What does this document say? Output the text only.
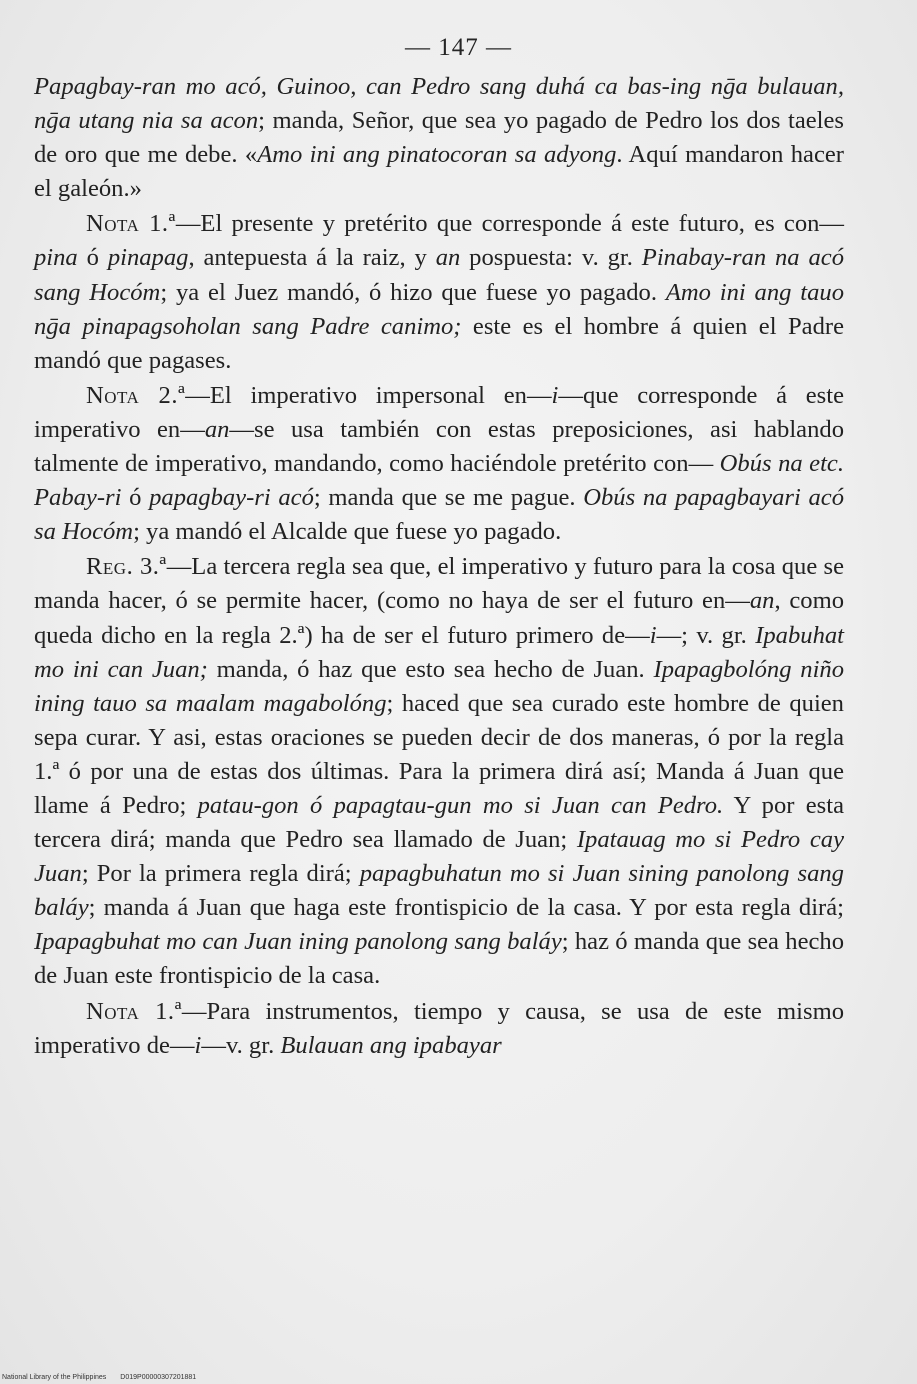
— 147 —

Papagbay-ran mo acó, Guinoo, can Pedro sang duhá ca bas-ing nḡa bulauan, nḡa utang nia sa acon; manda, Señor, que sea yo pagado de Pedro los dos taeles de oro que me debe. «Amo ini ang pinatocoran sa adyong. Aquí mandaron hacer el galeón.»

Nota 1.ª—El presente y pretérito que corresponde á este futuro, es con—pina ó pinapag, antepuesta á la raiz, y an pospuesta: v. gr. Pinabay-ran na acó sang Hocóm; ya el Juez mandó, ó hizo que fuese yo pagado. Amo ini ang tauo nḡa pinapagsoholan sang Padre canimo; este es el hombre á quien el Padre mandó que pagases.

Nota 2.ª—El imperativo impersonal en—i—que corresponde á este imperativo en—an—se usa también con estas preposiciones, asi hablando talmente de imperativo, mandando, como haciéndole pretérito con— Obús na etc. Pabay-ri ó papagbay-ri acó; manda que se me pague. Obús na papagbayari acó sa Hocóm; ya mandó el Alcalde que fuese yo pagado.

Reg. 3.ª—La tercera regla sea que, el imperativo y futuro para la cosa que se manda hacer, ó se permite hacer, (como no haya de ser el futuro en—an, como queda dicho en la regla 2.ª) ha de ser el futuro primero de—i—; v. gr. Ipabuhat mo ini can Juan; manda, ó haz que esto sea hecho de Juan. Ipapagbolóng niño ining tauo sa maalam magabolóng; haced que sea curado este hombre de quien sepa curar. Y asi, estas oraciones se pueden decir de dos maneras, ó por la regla 1.ª ó por una de estas dos últimas. Para la primera dirá así; Manda á Juan que llame á Pedro; patau-gon ó papagtau-gun mo si Juan can Pedro. Y por esta tercera dirá; manda que Pedro sea llamado de Juan; Ipatauag mo si Pedro cay Juan; Por la primera regla dirá; papagbuhatun mo si Juan sining panolong sang baláy; manda á Juan que haga este frontispicio de la casa. Y por esta regla dirá; Ipapagbuhat mo can Juan ining panolong sang baláy; haz ó manda que sea hecho de Juan este frontispicio de la casa.

Nota 1.ª—Para instrumentos, tiempo y causa, se usa de este mismo imperativo de—i—v. gr. Bulauan ang ipabayar

National Library of the Philippines D019P00000307201881
